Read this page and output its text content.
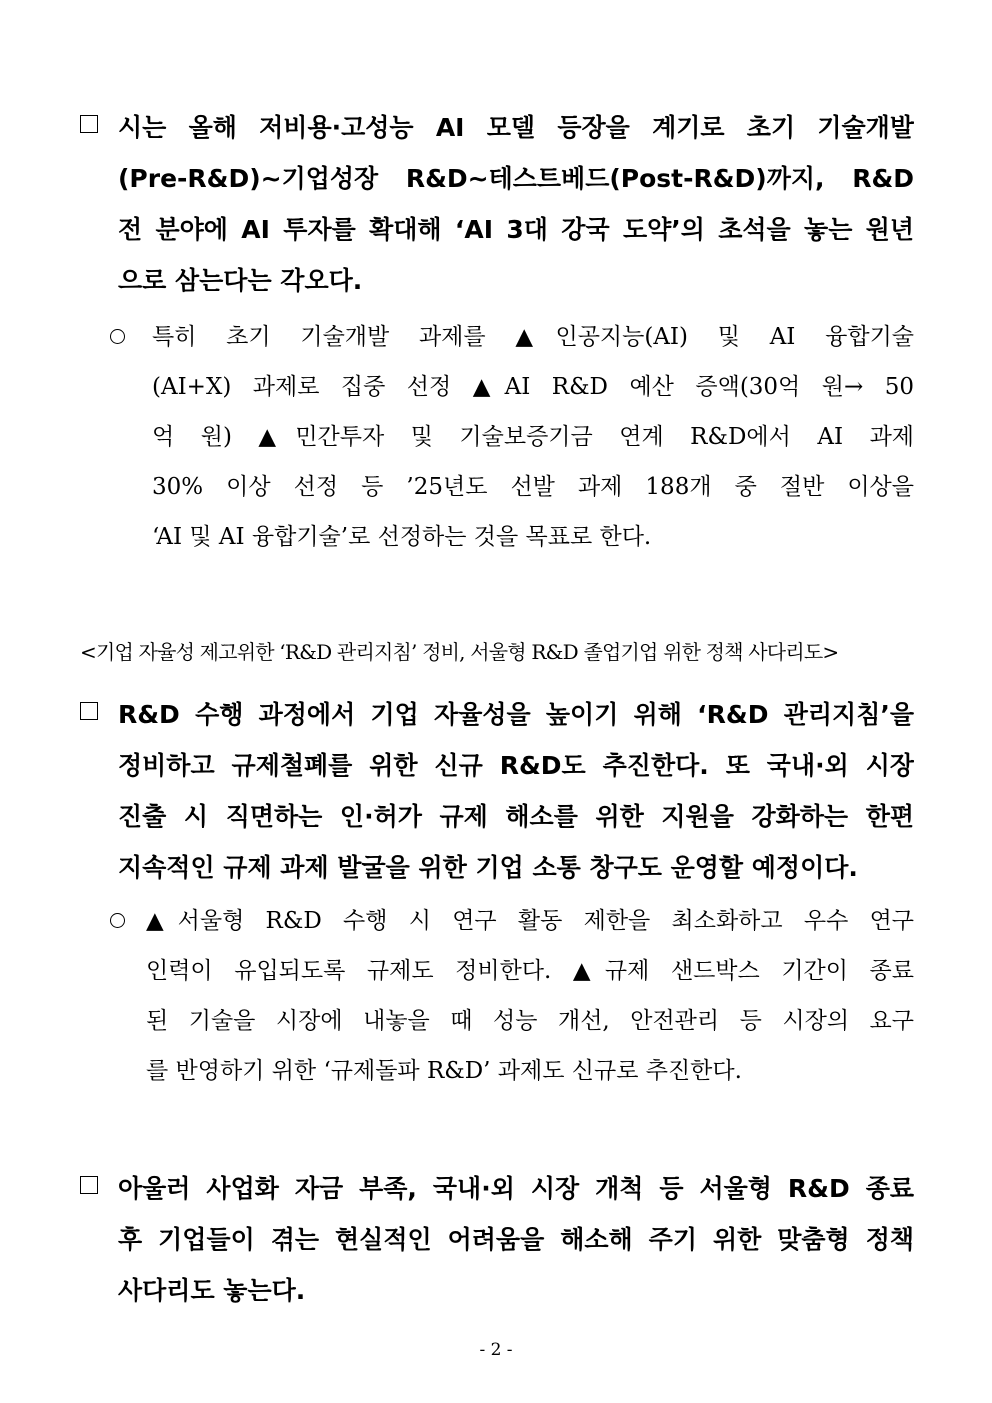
시는 올해 저비용·고성능 AI 모델 등장을 계기로 초기 기술개발
(Pre-R&D)~기업성장 R&D~테스트베드(Post-R&D)까지, R&D
전 분야에 AI 투자를 확대해 ‘AI 3대 강국 도약’의 초석을 놓는 원년
으로 삼는다는 각오다.
특히 초기 기술개발 과제를 ▲인공지능(AI) 및 AI 융합기술
(AI+X) 과제로 집중 선정 ▲AI R&D 예산 증액(30억 원→ 50
억 원) ▲민간투자 및 기술보증기금 연계 R&D에서 AI 과제
30% 이상 선정 등 ’25년도 선발 과제 188개 중 절반 이상을
‘AI 및 AI 융합기술’로 선정하는 것을 목표로 한다.
<기업 자율성 제고위한 ‘R&D 관리지침’ 정비, 서울형 R&D 졸업기업 위한 정책 사다리도>
R&D 수행 과정에서 기업 자율성을 높이기 위해 ‘R&D 관리지침’을
정비하고 규제철폐를 위한 신규 R&D도 추진한다. 또 국내·외 시장
진출 시 직면하는 인·허가 규제 해소를 위한 지원을 강화하는 한편
지속적인 규제 과제 발굴을 위한 기업 소통 창구도 운영할 예정이다.
▲서울형 R&D 수행 시 연구 활동 제한을 최소화하고 우수 연구
인력이 유입되도록 규제도 정비한다. ▲규제 샌드박스 기간이 종료
된 기술을 시장에 내놓을 때 성능 개선, 안전관리 등 시장의 요구
를 반영하기 위한 ‘규제돌파 R&D’ 과제도 신규로 추진한다.
아울러 사업화 자금 부족, 국내·외 시장 개척 등 서울형 R&D 종료
후 기업들이 겪는 현실적인 어려움을 해소해 주기 위한 맞춤형 정책
사다리도 놓는다.
- 2 -
